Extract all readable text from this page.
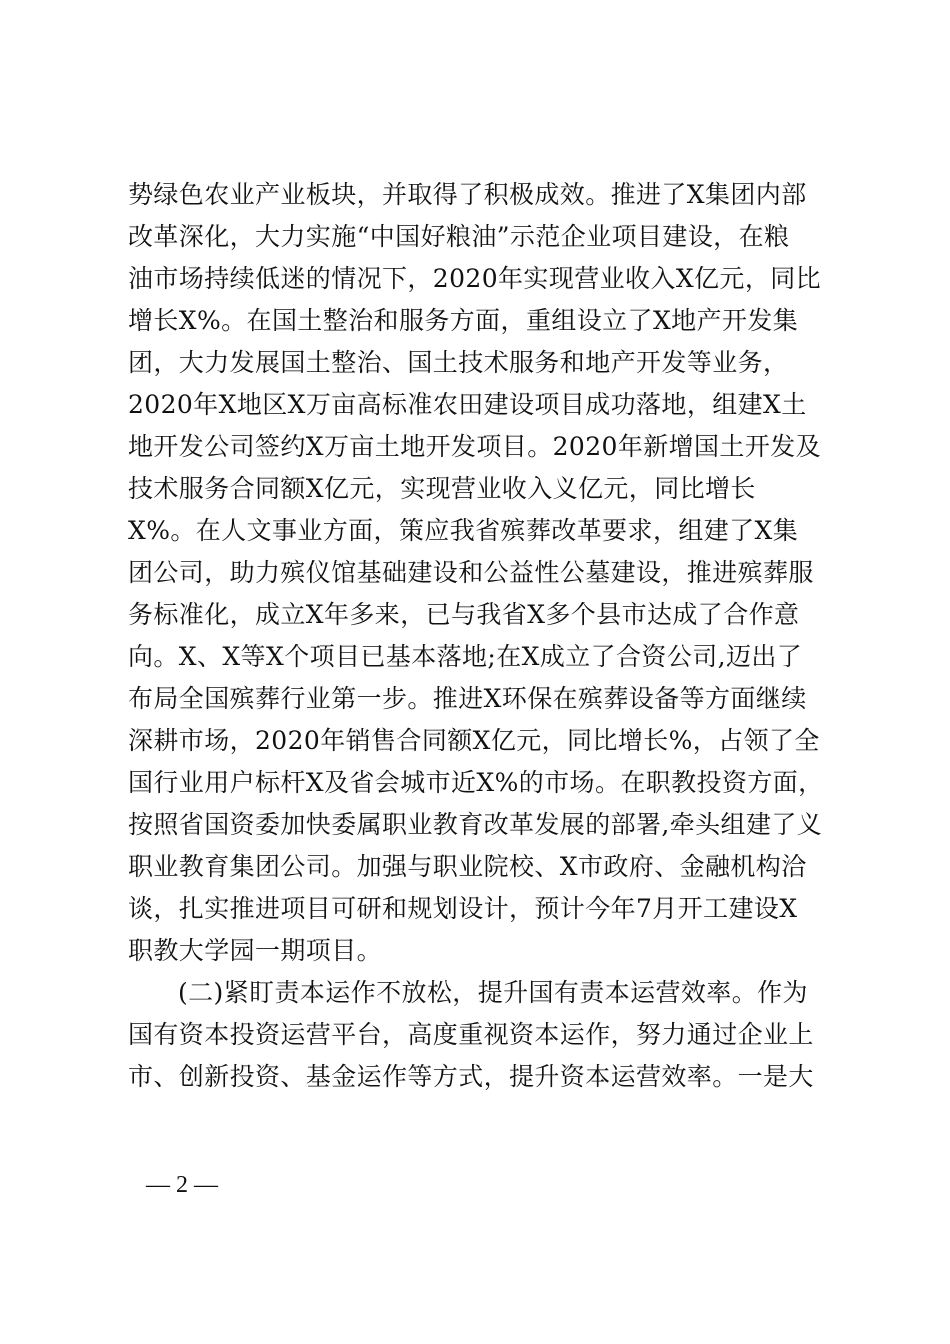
势绿色农业产业板块，并取得了积极成效。推进了X集团内部
改革深化，大力实施“中国好粮油”示范企业项目建设，在粮
油市场持续低迷的情况下，2020年实现营业收入X亿元，同比
增长X%。在国土整治和服务方面，重组设立了X地产开发集
团，大力发展国土整治、国土技术服务和地产开发等业务，
2020年X地区X万亩高标准农田建设项目成功落地，组建X土
地开发公司签约X万亩土地开发项目。2020年新增国土开发及
技术服务合同额X亿元，实现营业收入义亿元，同比增长
X%。在人文事业方面，策应我省殡葬改革要求，组建了X集
团公司，助力殡仪馆基础建设和公益性公墓建设，推进殡葬服
务标准化，成立X年多来，已与我省X多个县市达成了合作意
向。X、X等X个项目已基本落地;在X成立了合资公司,迈出了
布局全国殡葬行业第一步。推进X环保在殡葬设备等方面继续
深耕市场，2020年销售合同额X亿元，同比增长%，占领了全
国行业用户标杆X及省会城市近X%的市场。在职教投资方面，
按照省国资委加快委属职业教育改革发展的部署,牵头组建了义
职业教育集团公司。加强与职业院校、X市政府、金融机构洽
谈，扎实推进项目可研和规划设计，预计今年7月开工建设X
职教大学园一期项目。
(二)紧盯责本运作不放松，提升国有责本运营效率。作为
国有资本投资运营平台，高度重视资本运作，努力通过企业上
市、创新投资、基金运作等方式，提升资本运营效率。一是大
— 2 —
